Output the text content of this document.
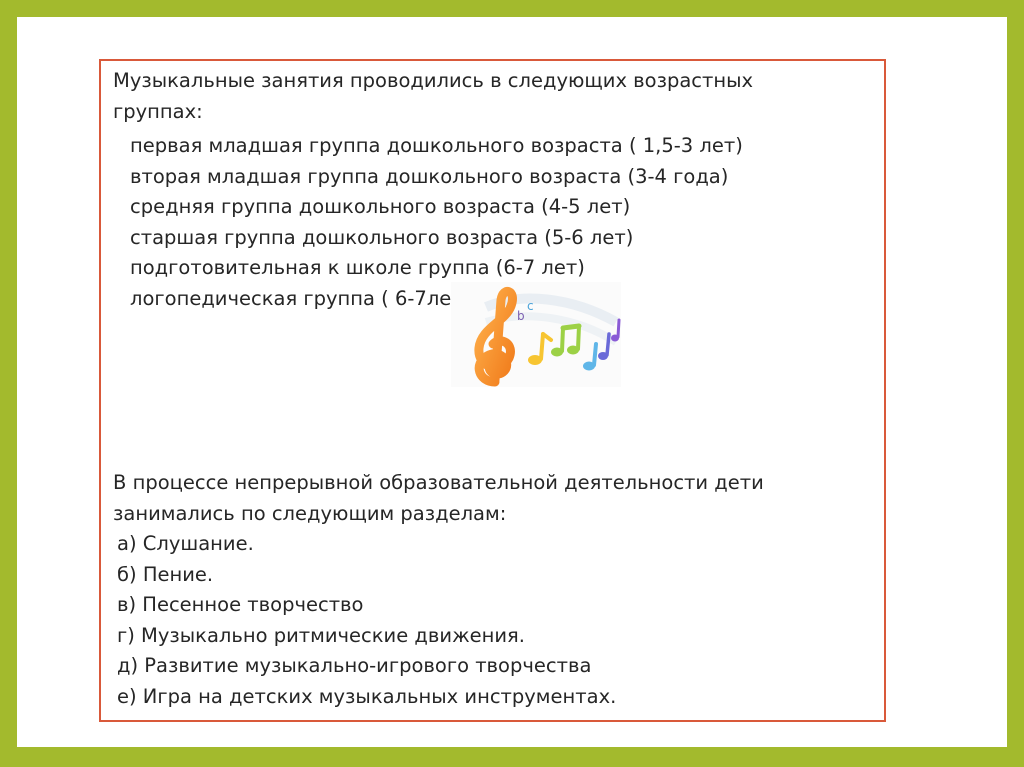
Музыкальные занятия проводились в следующих возрастных
группах:
первая младшая группа дошкольного возраста ( 1,5-3 лет)
вторая младшая группа дошкольного возраста (3-4 года)
средняя группа дошкольного возраста (4-5 лет)
старшая группа дошкольного возраста (5-6 лет)
подготовительная к школе группа (6-7 лет)
логопедическая группа ( 6-7ле
b
c
В процессе непрерывной образовательной деятельности дети
занимались по следующим разделам:
а) Слушание.
б) Пение.
в) Песенное творчество
г) Музыкально ритмические движения.
д) Развитие музыкально-игрового творчества
е) Игра на детских музыкальных инструментах.
